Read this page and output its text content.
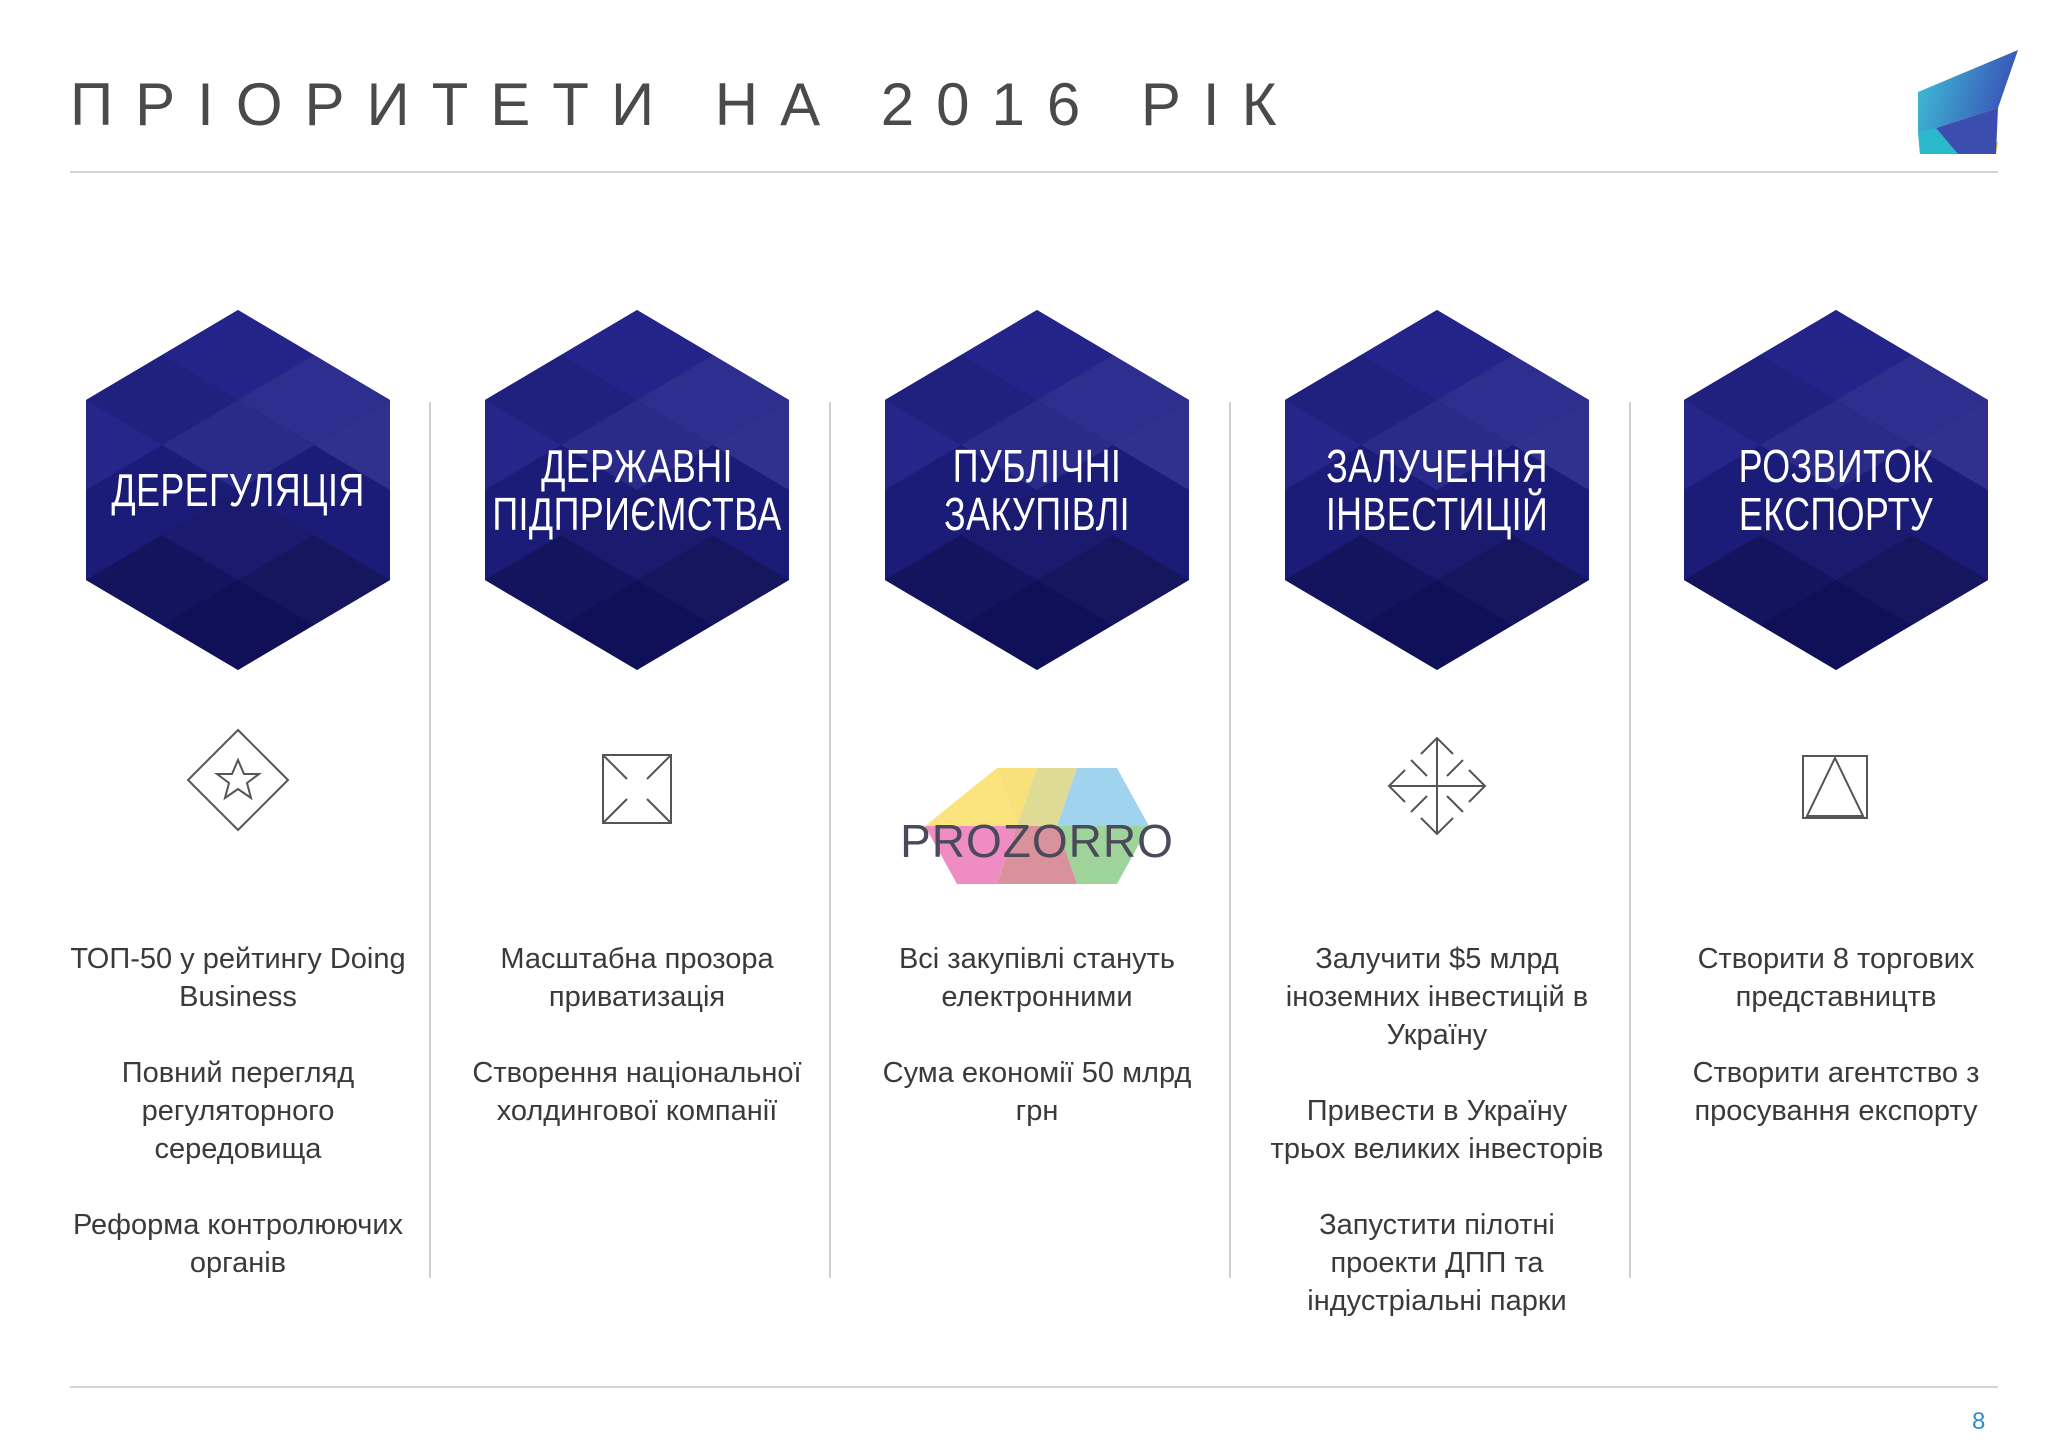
ПРІОРИТЕТИ НА 2016 РІК
ДЕРЕГУЛЯЦІЯ

ТОП-50 у рейтингу Doing Business

Повний перегляд регуляторного середовища

Реформа контролюючих органів

ДЕРЖАВНІ
ПІДПРИЄМСТВА

Масштабна прозора приватизація

Створення національної холдингової компанії

ПУБЛІЧНІ
ЗАКУПІВЛІ
PROZORRO

Всі закупівлі стануть електронними

Сума економії 50 млрд грн

ЗАЛУЧЕННЯ
ІНВЕСТИЦІЙ

Залучити $5 млрд іноземних інвестицій в Україну

Привести в Україну трьох великих інвесторів

Запустити пілотні проекти ДПП та індустріальні парки

РОЗВИТОК
ЕКСПОРТУ

Створити 8 торгових представництв

Створити агентство з просування експорту

8
